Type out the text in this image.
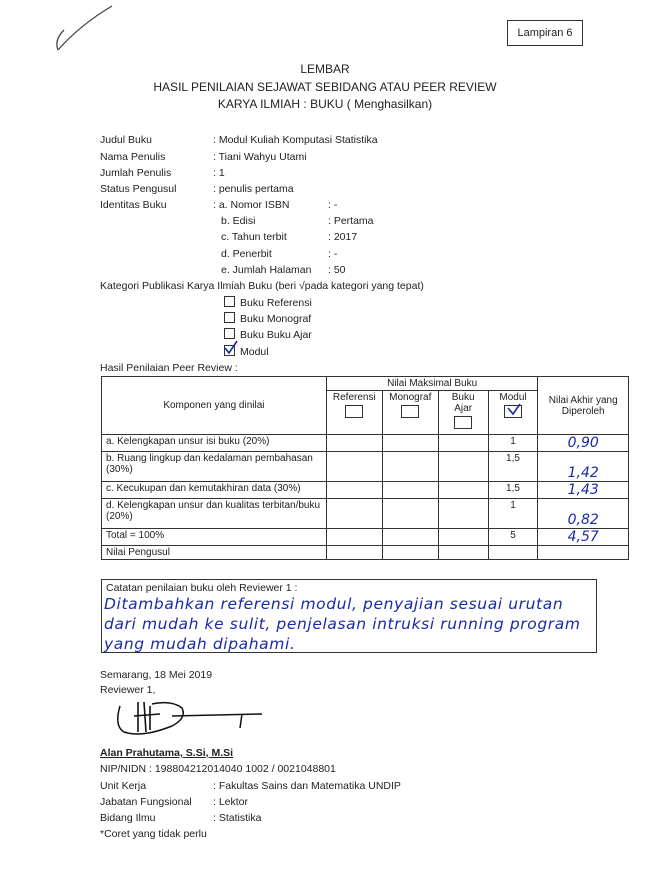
Lampiran 6
LEMBAR
HASIL PENILAIAN SEJAWAT SEBIDANG ATAU PEER REVIEW
KARYA ILMIAH : BUKU ( Menghasilkan)
Judul Buku	: Modul Kuliah Komputasi Statistika
Nama Penulis	: Tiani Wahyu Utami
Jumlah Penulis	: 1
Status Pengusul	: penulis pertama
Identitas Buku	: a. Nomor ISBN	: -
b. Edisi	: Pertama
c. Tahun terbit	: 2017
d. Penerbit	: -
e. Jumlah Halaman : 50
Kategori Publikasi Karya Ilmiah Buku (beri √pada kategori yang tepat)
Buku Referensi
Buku Monograf
Buku Buku Ajar
Modul
Hasil Penilaian Peer Review :
Komponen yang dinilai	Nilai Maksimal Buku				Nilai Akhir yang Diperoleh

	Referensi	Monograf	Buku Ajar	Modul	

a. Kelengkapan unsur isi buku (20%)				1	0,90
b. Ruang lingkup dan kedalaman pembahasan (30%)				1,5	1,42
c. Kecukupan dan kemutakhiran data (30%)				1,5	1,43
d. Kelengkapan unsur dan kualitas terbitan/buku (20%)				1	0,82
Total = 100%				5	4,57
Nilai Pengusul					
Catatan penilaian buku oleh Reviewer 1 :
Ditambahkan referensi modul, penyajian sesuai urutan
dari mudah ke sulit, penjelasan intruksi running program
yang mudah dipahami.
Semarang, 18 Mei 2019
Reviewer 1,
Alan Prahutama, S.Si, M.Si
NIP/NIDN : 198804212014040 1002 / 0021048801
Unit Kerja	: Fakultas Sains dan Matematika UNDIP
Jabatan Fungsional : Lektor
Bidang Ilmu	: Statistika
*Coret yang tidak perlu
